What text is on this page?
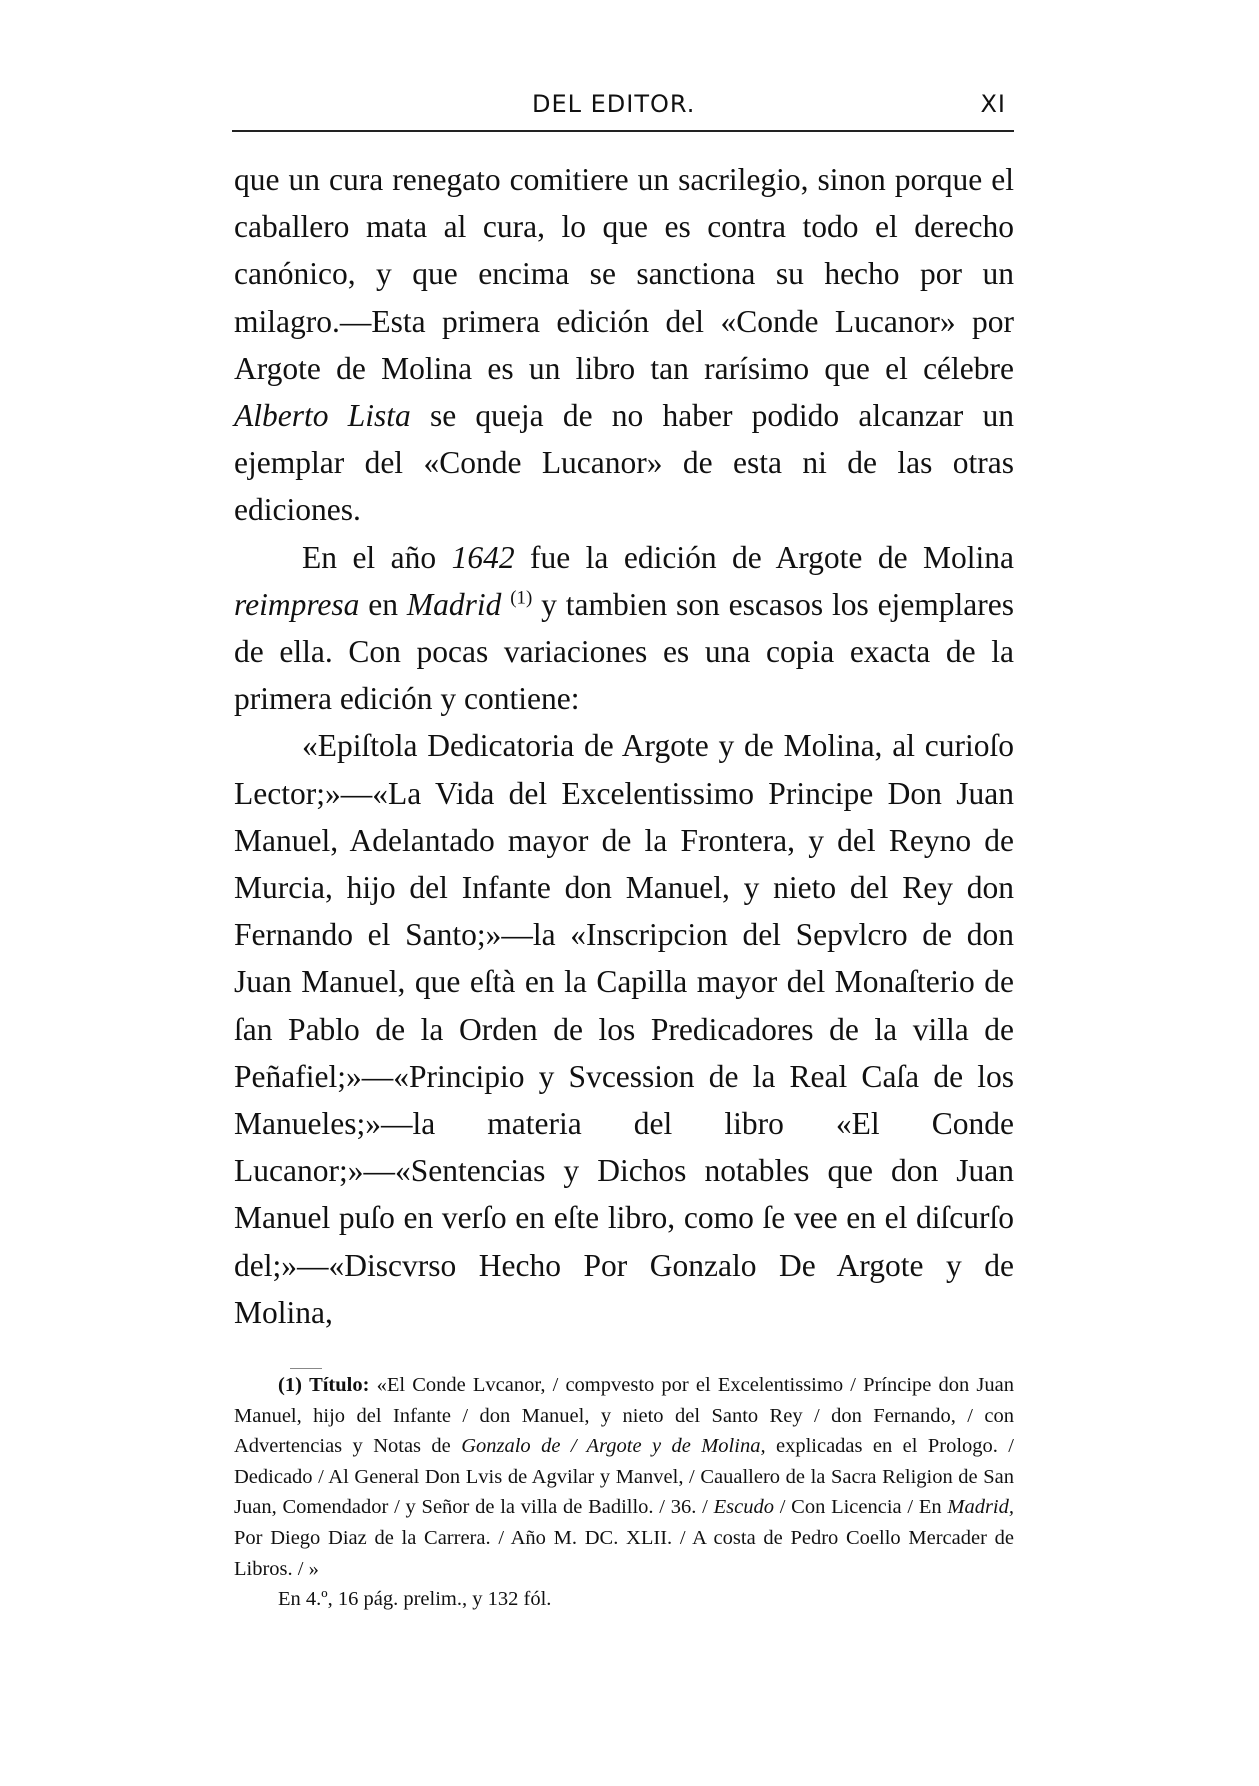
DEL EDITOR.	XI

que un cura renegato comitiere un sacrilegio, sinon porque el caballero mata al cura, lo que es contra todo el derecho canónico, y que encima se sanctiona su hecho por un milagro.—Esta primera edición del «Conde Lucanor» por Argote de Molina es un libro tan rarísimo que el célebre Alberto Lista se queja de no haber podido alcanzar un ejemplar del «Conde Lucanor» de esta ni de las otras ediciones.

En el año 1642 fue la edición de Argote de Molina reimpresa en Madrid $^{(1)}$ y tambien son escasos los ejemplares de ella. Con pocas variaciones es una copia exacta de la primera edición y contiene:

«Epiſtola Dedicatoria de Argote y de Molina, al curioſo Lector;»—«La Vida del Excelentissimo Principe Don Juan Manuel, Adelantado mayor de la Frontera, y del Reyno de Murcia, hijo del Infante don Manuel, y nieto del Rey don Fernando el Santo;»—la «Inscripcion del Sepvlcro de don Juan Manuel, que eſtà en la Capilla mayor del Monaſterio de ſan Pablo de la Orden de los Predicadores de la villa de Peñafiel;»—«Principio y Svcession de la Real Caſa de los Manueles;»—la materia del libro «El Conde Lucanor;»—«Sentencias y Dichos notables que don Juan Manuel puſo en verſo en eſte libro, como ſe vee en el diſcurſo del;»—«Discvrso Hecho Por Gonzalo De Argote y de Molina,

(1) Título: «El Conde Lvcanor, / compvesto por el Excelentissimo / Príncipe don Juan Manuel, hijo del Infante / don Manuel, y nieto del Santo Rey / don Fernando, / con Advertencias y Notas de Gonzalo de / Argote y de Molina, explicadas en el Prologo. / Dedicado / Al General Don Lvis de Agvilar y Manvel, / Cauallero de la Sacra Religion de San Juan, Comendador / y Señor de la villa de Badillo. / 36. / Escudo / Con Licencia / En Madrid, Por Diego Diaz de la Carrera. / Año M. DC. XLII. / A costa de Pedro Coello Mercader de Libros. / »

En 4.º, 16 pág. prelim., y 132 fól.
